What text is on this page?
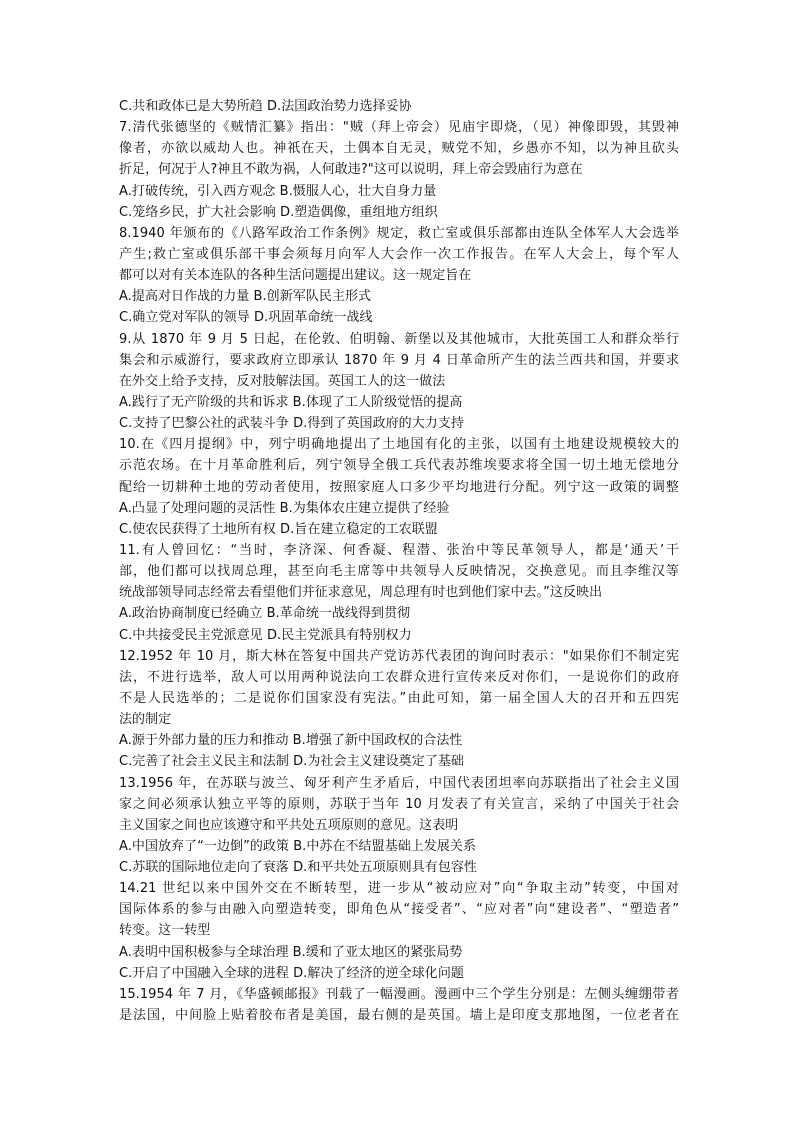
C.共和政体已是大势所趋 D.法国政治势力选择妥协
7.清代张德坚的《贼情汇纂》指出："贼（拜上帝会）见庙宇即烧，（见）神像即毁，其毁神
像者，亦欲以威劫人也。神祇在天，土偶本自无灵，贼党不知，乡愚亦不知，以为神且砍头
折足，何况于人?神且不敢为祸，人何敢违?"这可以说明，拜上帝会毁庙行为意在
A.打破传统，引入西方观念 B.慑服人心，壮大自身力量
C.笼络乡民，扩大社会影响 D.塑造偶像，重组地方组织
8.1940 年颁布的《八路军政治工作条例》规定，救亡室或俱乐部都由连队全体军人大会选举
产生;救亡室或俱乐部干事会须每月向军人大会作一次工作报告。在军人大会上，每个军人
都可以对有关本连队的各种生活问题提出建议。这一规定旨在
A.提高对日作战的力量 B.创新军队民主形式
C.确立党对军队的领导 D.巩固革命统一战线
9.从 1870 年 9 月 5 日起，在伦敦、伯明翰、新堡以及其他城市，大批英国工人和群众举行
集会和示威游行，要求政府立即承认 1870 年 9 月 4 日革命所产生的法兰西共和国，并要求
在外交上给予支持，反对肢解法国。英国工人的这一做法
A.践行了无产阶级的共和诉求 B.体现了工人阶级觉悟的提高
C.支持了巴黎公社的武装斗争 D.得到了英国政府的大力支持
10.在《四月提纲》中，列宁明确地提出了土地国有化的主张，以国有土地建设规模较大的
示范农场。在十月革命胜利后，列宁领导全俄工兵代表苏维埃要求将全国一切土地无偿地分
配给一切耕种土地的劳动者使用，按照家庭人口多少平均地进行分配。列宁这一政策的调整
A.凸显了处理问题的灵活性 B.为集体农庄建立提供了经验
C.使农民获得了土地所有权 D.旨在建立稳定的工农联盟
11.有人曾回忆：“当时，李济深、何香凝、程潜、张治中等民革领导人，都是‘通天’干
部，他们都可以找周总理，甚至向毛主席等中共领导人反映情况，交换意见。而且李维汉等
统战部领导同志经常去看望他们并征求意见，周总理有时也到他们家中去。”这反映出
A.政治协商制度已经确立 B.革命统一战线得到贯彻
C.中共接受民主党派意见 D.民主党派具有特别权力
12.1952 年 10 月，斯大林在答复中国共产党访苏代表团的询问时表示："如果你们不制定宪
法，不进行选举，敌人可以用两种说法向工农群众进行宣传来反对你们，一是说你们的政府
不是人民选举的；二是说你们国家没有宪法。”由此可知，第一届全国人大的召开和五四宪
法的制定
A.源于外部力量的压力和推动 B.增强了新中国政权的合法性
C.完善了社会主义民主和法制 D.为社会主义建设奠定了基础
13.1956 年，在苏联与波兰、匈牙利产生矛盾后，中国代表团坦率向苏联指出了社会主义国
家之间必须承认独立平等的原则，苏联于当年 10 月发表了有关宣言，采纳了中国关于社会
主义国家之间也应该遵守和平共处五项原则的意见。这表明
A.中国放弃了“一边倒”的政策 B.中苏在不结盟基础上发展关系
C.苏联的国际地位走向了衰落 D.和平共处五项原则具有包容性
14.21 世纪以来中国外交在不断转型，进一步从“被动应对”向“争取主动”转变，中国对
国际体系的参与由融入向塑造转变，即角色从“接受者”、“应对者”向“建设者”、“塑造者”
转变。这一转型
A.表明中国积极参与全球治理 B.缓和了亚太地区的紧张局势
C.开启了中国融入全球的进程 D.解决了经济的逆全球化问题
15.1954 年 7 月，《华盛顿邮报》刊载了一幅漫画。漫画中三个学生分别是：左侧头缠绷带者
是法国，中间脸上贴着胶布者是美国，最右侧的是英国。墙上是印度支那地图，一位老者在
